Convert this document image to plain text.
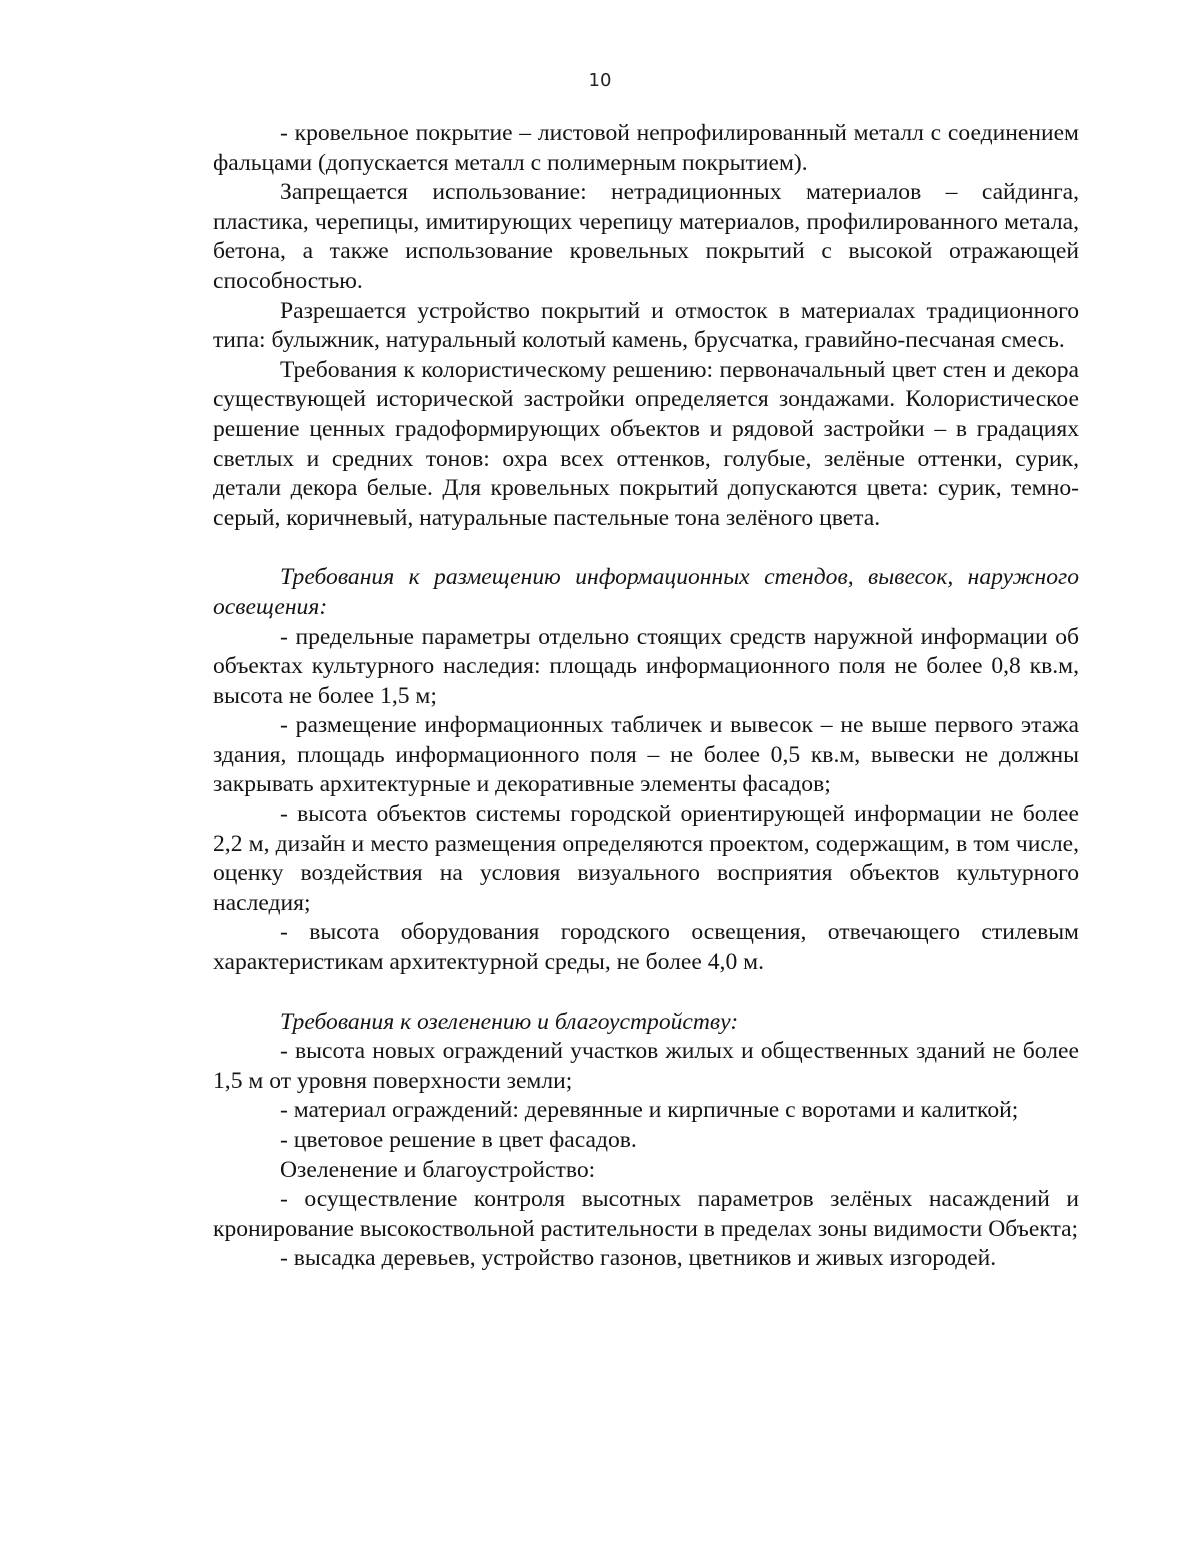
10

- кровельное покрытие – листовой непрофилированный металл с соединением фальцами (допускается металл с полимерным покрытием).

Запрещается использование: нетрадиционных материалов – сайдинга, пластика, черепицы, имитирующих черепицу материалов, профилированного метала, бетона, а также использование кровельных покрытий с высокой отражающей способностью.

Разрешается устройство покрытий и отмосток в материалах традиционного типа: булыжник, натуральный колотый камень, брусчатка, гравийно-песчаная смесь.

Требования к колористическому решению: первоначальный цвет стен и декора существующей исторической застройки определяется зондажами. Колористическое решение ценных градоформирующих объектов и рядовой застройки – в градациях светлых и средних тонов: охра всех оттенков, голубые, зелёные оттенки, сурик, детали декора белые. Для кровельных покрытий допускаются цвета: сурик, темно-серый, коричневый, натуральные пастельные тона зелёного цвета.

Требования к размещению информационных стендов, вывесок, наружного освещения:

- предельные параметры отдельно стоящих средств наружной информации об объектах культурного наследия: площадь информационного поля не более 0,8 кв.м, высота не более 1,5 м;

- размещение информационных табличек и вывесок – не выше первого этажа здания, площадь информационного поля – не более 0,5 кв.м, вывески не должны закрывать архитектурные и декоративные элементы фасадов;

- высота объектов системы городской ориентирующей информации не более 2,2 м, дизайн и место размещения определяются проектом, содержащим, в том числе, оценку воздействия на условия визуального восприятия объектов культурного наследия;

- высота оборудования городского освещения, отвечающего стилевым характеристикам архитектурной среды, не более 4,0 м.

Требования к озеленению и благоустройству:

- высота новых ограждений участков жилых и общественных зданий не более 1,5 м от уровня поверхности земли;

- материал ограждений: деревянные и кирпичные с воротами и калиткой;

- цветовое решение в цвет фасадов.

Озеленение и благоустройство:

- осуществление контроля высотных параметров зелёных насаждений и кронирование высокоствольной растительности в пределах зоны видимости Объекта;

- высадка деревьев, устройство газонов, цветников и живых изгородей.
